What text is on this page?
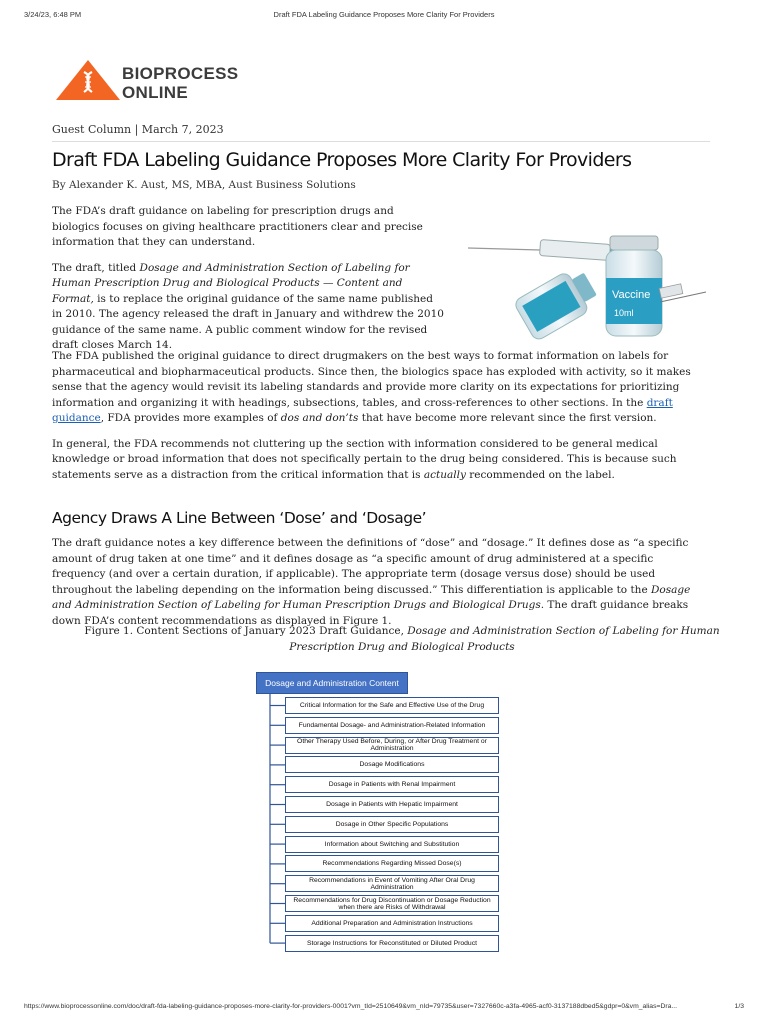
3/24/23, 6:48 PM	Draft FDA Labeling Guidance Proposes More Clarity For Providers
BIOPROCESS
ONLINE
Guest Column | March 7, 2023
Draft FDA Labeling Guidance Proposes More Clarity For Providers
By Alexander K. Aust, MS, MBA, Aust Business Solutions
Vaccine
10ml

The FDA’s draft guidance on labeling for prescription drugs and biologics focuses on giving healthcare practitioners clear and precise information that they can understand.

The draft, titled Dosage and Administration Section of Labeling for Human Prescription Drug and Biological Products — Content and Format, is to replace the original guidance of the same name published in 2010. The agency released the draft in January and withdrew the 2010 guidance of the same name. A public comment window for the revised draft closes March 14.

The FDA published the original guidance to direct drugmakers on the best ways to format information on labels for pharmaceutical and biopharmaceutical products. Since then, the biologics space has exploded with activity, so it makes sense that the agency would revisit its labeling standards and provide more clarity on its expectations for prioritizing information and organizing it with headings, subsections, tables, and cross-references to other sections. In the draft guidance, FDA provides more examples of dos and don’ts that have become more relevant since the first version.

In general, the FDA recommends not cluttering up the section with information considered to be general medical knowledge or broad information that does not specifically pertain to the drug being considered. This is because such statements serve as a distraction from the critical information that is actually recommended on the label.

Agency Draws A Line Between ‘Dose’ and ‘Dosage’

The draft guidance notes a key difference between the definitions of “dose” and “dosage.” It defines dose as “a specific amount of drug taken at one time” and it defines dosage as “a specific amount of drug administered at a specific frequency (and over a certain duration, if applicable). The appropriate term (dosage versus dose) should be used throughout the labeling depending on the information being discussed.” This differentiation is applicable to the Dosage and Administration Section of Labeling for Human Prescription Drugs and Biological Drugs. The draft guidance breaks down FDA’s content recommendations as displayed in Figure 1.

Figure 1. Content Sections of January 2023 Draft Guidance, Dosage and Administration Section of Labeling for Human Prescription Drug and Biological Products
Dosage and Administration Content
Critical Information for the Safe and Effective Use of the Drug
Fundamental Dosage- and Administration-Related Information
Other Therapy Used Before, During, or After Drug Treatment or Administration
Dosage Modifications
Dosage in Patients with Renal Impairment
Dosage in Patients with Hepatic Impairment
Dosage in Other Specific Populations
Information about Switching and Substitution
Recommendations Regarding Missed Dose(s)
Recommendations in Event of Vomiting After Oral Drug Administration
Recommendations for Drug Discontinuation or Dosage Reduction when there are Risks of Withdrawal
Additional Preparation and Administration Instructions
Storage Instructions for Reconstituted or Diluted Product
https://www.bioprocessonline.com/doc/draft-fda-labeling-guidance-proposes-more-clarity-for-providers-0001?vm_tId=2510649&vm_nId=79735&user=7327660c-a3fa-4965-acf0-3137188dbed5&gdpr=0&vm_alias=Dra...	1/3
